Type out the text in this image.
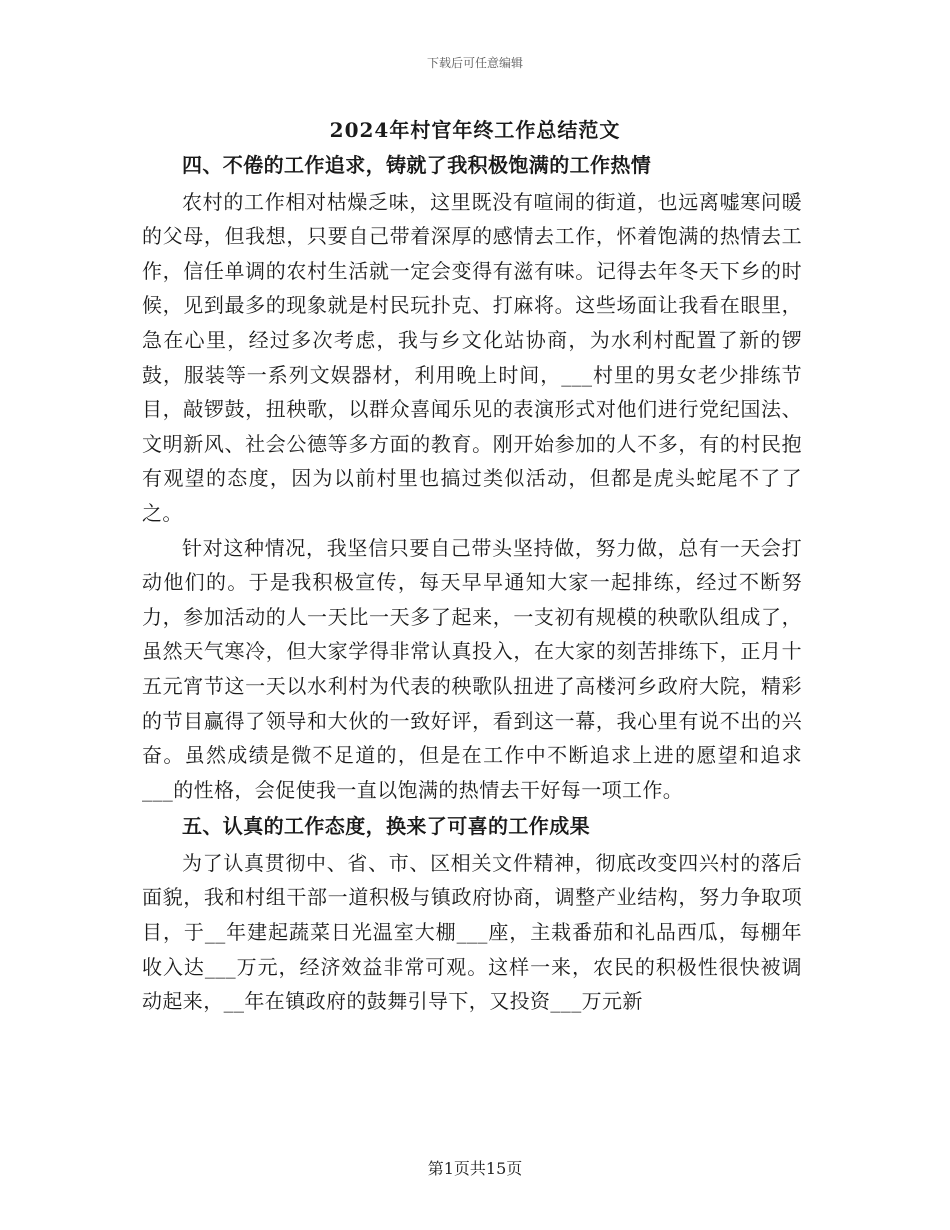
下载后可任意编辑
2024年村官年终工作总结范文

四、不倦的工作追求，铸就了我积极饱满的工作热情

农村的工作相对枯燥乏味，这里既没有喧闹的街道，也远离嘘寒问暖的父母，但我想，只要自己带着深厚的感情去工作，怀着饱满的热情去工作，信任单调的农村生活就一定会变得有滋有味。记得去年冬天下乡的时候，见到最多的现象就是村民玩扑克、打麻将。这些场面让我看在眼里，急在心里，经过多次考虑，我与乡文化站协商，为水利村配置了新的锣鼓，服装等一系列文娱器材，利用晚上时间，___村里的男女老少排练节目，敲锣鼓，扭秧歌，以群众喜闻乐见的表演形式对他们进行党纪国法、文明新风、社会公德等多方面的教育。刚开始参加的人不多，有的村民抱有观望的态度，因为以前村里也搞过类似活动，但都是虎头蛇尾不了了之。

针对这种情况，我坚信只要自己带头坚持做，努力做，总有一天会打动他们的。于是我积极宣传，每天早早通知大家一起排练，经过不断努力，参加活动的人一天比一天多了起来，一支初有规模的秧歌队组成了，虽然天气寒冷，但大家学得非常认真投入，在大家的刻苦排练下，正月十五元宵节这一天以水利村为代表的秧歌队扭进了高楼河乡政府大院，精彩的节目赢得了领导和大伙的一致好评，看到这一幕，我心里有说不出的兴奋。虽然成绩是微不足道的，但是在工作中不断追求上进的愿望和追求___的性格，会促使我一直以饱满的热情去干好每一项工作。

五、认真的工作态度，换来了可喜的工作成果

为了认真贯彻中、省、市、区相关文件精神，彻底改变四兴村的落后面貌，我和村组干部一道积极与镇政府协商，调整产业结构，努力争取项目，于__年建起蔬菜日光温室大棚___座，主栽番茄和礼品西瓜，每棚年收入达___万元，经济效益非常可观。这样一来，农民的积极性很快被调动起来，__年在镇政府的鼓舞引导下，又投资___万元新

第1页共15页
